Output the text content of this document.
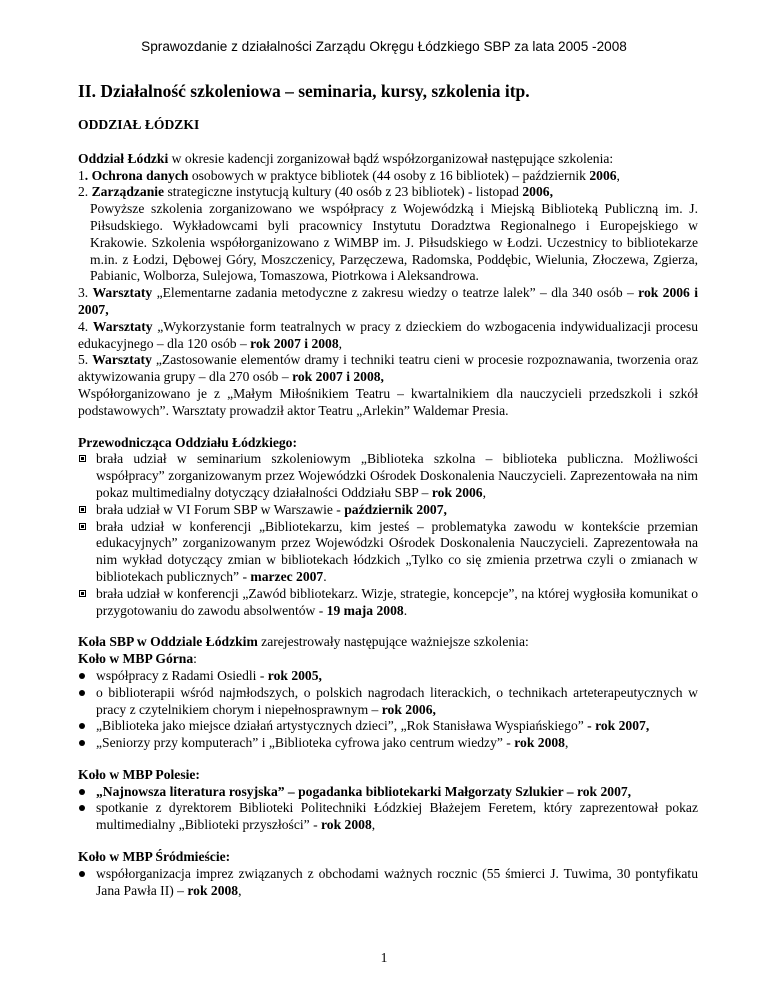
Sprawozdanie z działalności Zarządu Okręgu Łódzkiego SBP za lata 2005 -2008
II. Działalność szkoleniowa – seminaria, kursy, szkolenia itp.

ODDZIAŁ ŁÓDZKI

Oddział Łódzki w okresie kadencji zorganizował bądź współzorganizował następujące szkolenia:

1. Ochrona danych osobowych w praktyce bibliotek (44 osoby z 16 bibliotek) – październik 2006,

2. Zarządzanie strategiczne instytucją kultury (40 osób z 23 bibliotek) - listopad 2006,

Powyższe szkolenia zorganizowano we współpracy z Wojewódzką i Miejską Biblioteką Publiczną im. J. Piłsudskiego. Wykładowcami byli pracownicy Instytutu Doradztwa Regionalnego i Europejskiego w Krakowie. Szkolenia współorganizowano z WiMBP im. J. Piłsudskiego w Łodzi. Uczestnicy to bibliotekarze m.in. z Łodzi, Dębowej Góry, Moszczenicy, Parzęczewa, Radomska, Poddębic, Wielunia, Złoczewa, Zgierza, Pabianic, Wolborza, Sulejowa, Tomaszowa, Piotrkowa i Aleksandrowa.

3. Warsztaty „Elementarne zadania metodyczne z zakresu wiedzy o teatrze lalek” – dla 340 osób – rok 2006 i 2007,

4. Warsztaty „Wykorzystanie form teatralnych w pracy z dzieckiem do wzbogacenia indywidualizacji procesu edukacyjnego – dla 120 osób – rok 2007 i 2008,

5. Warsztaty „Zastosowanie elementów dramy i techniki teatru cieni w procesie rozpoznawania, tworzenia oraz aktywizowania grupy – dla 270 osób – rok 2007 i 2008,

Współorganizowano je z „Małym Miłośnikiem Teatru – kwartalnikiem dla nauczycieli przedszkoli i szkół podstawowych”. Warsztaty prowadził aktor Teatru „Arlekin” Waldemar Presia.

Przewodnicząca Oddziału Łódzkiego:

brała udział w seminarium szkoleniowym „Biblioteka szkolna – biblioteka publiczna. Możliwości współpracy” zorganizowanym przez Wojewódzki Ośrodek Doskonalenia Nauczycieli. Zaprezentowała na nim pokaz multimedialny dotyczący działalności Oddziału SBP – rok 2006,
brała udział w VI Forum SBP w Warszawie - październik 2007,
brała udział w konferencji „Bibliotekarzu, kim jesteś – problematyka zawodu w kontekście przemian edukacyjnych” zorganizowanym przez Wojewódzki Ośrodek Doskonalenia Nauczycieli. Zaprezentowała na nim wykład dotyczący zmian w bibliotekach łódzkich „Tylko co się zmienia przetrwa czyli o zmianach w bibliotekach publicznych” - marzec 2007.
brała udział w konferencji „Zawód bibliotekarz. Wizje, strategie, koncepcje”, na której wygłosiła komunikat o przygotowaniu do zawodu absolwentów - 19 maja 2008.

Koła SBP w Oddziale Łódzkim zarejestrowały następujące ważniejsze szkolenia:

Koło w MBP Górna:

współpracy z Radami Osiedli - rok 2005,
o biblioterapii wśród najmłodszych, o polskich nagrodach literackich, o technikach arteterapeutycznych w pracy z czytelnikiem chorym i niepełnosprawnym – rok 2006,
„Biblioteka jako miejsce działań artystycznych dzieci”, „Rok Stanisława Wyspiańskiego” - rok 2007,
„Seniorzy przy komputerach” i „Biblioteka cyfrowa jako centrum wiedzy” - rok 2008,

Koło w MBP Polesie:

„Najnowsza literatura rosyjska” – pogadanka bibliotekarki Małgorzaty Szlukier – rok 2007,
spotkanie z dyrektorem Biblioteki Politechniki Łódzkiej Błażejem Feretem, który zaprezentował pokaz multimedialny „Biblioteki przyszłości” - rok 2008,

Koło w MBP Śródmieście:

współorganizacja imprez związanych z obchodami ważnych rocznic (55 śmierci J. Tuwima, 30 pontyfikatu Jana Pawła II) – rok 2008,
1
